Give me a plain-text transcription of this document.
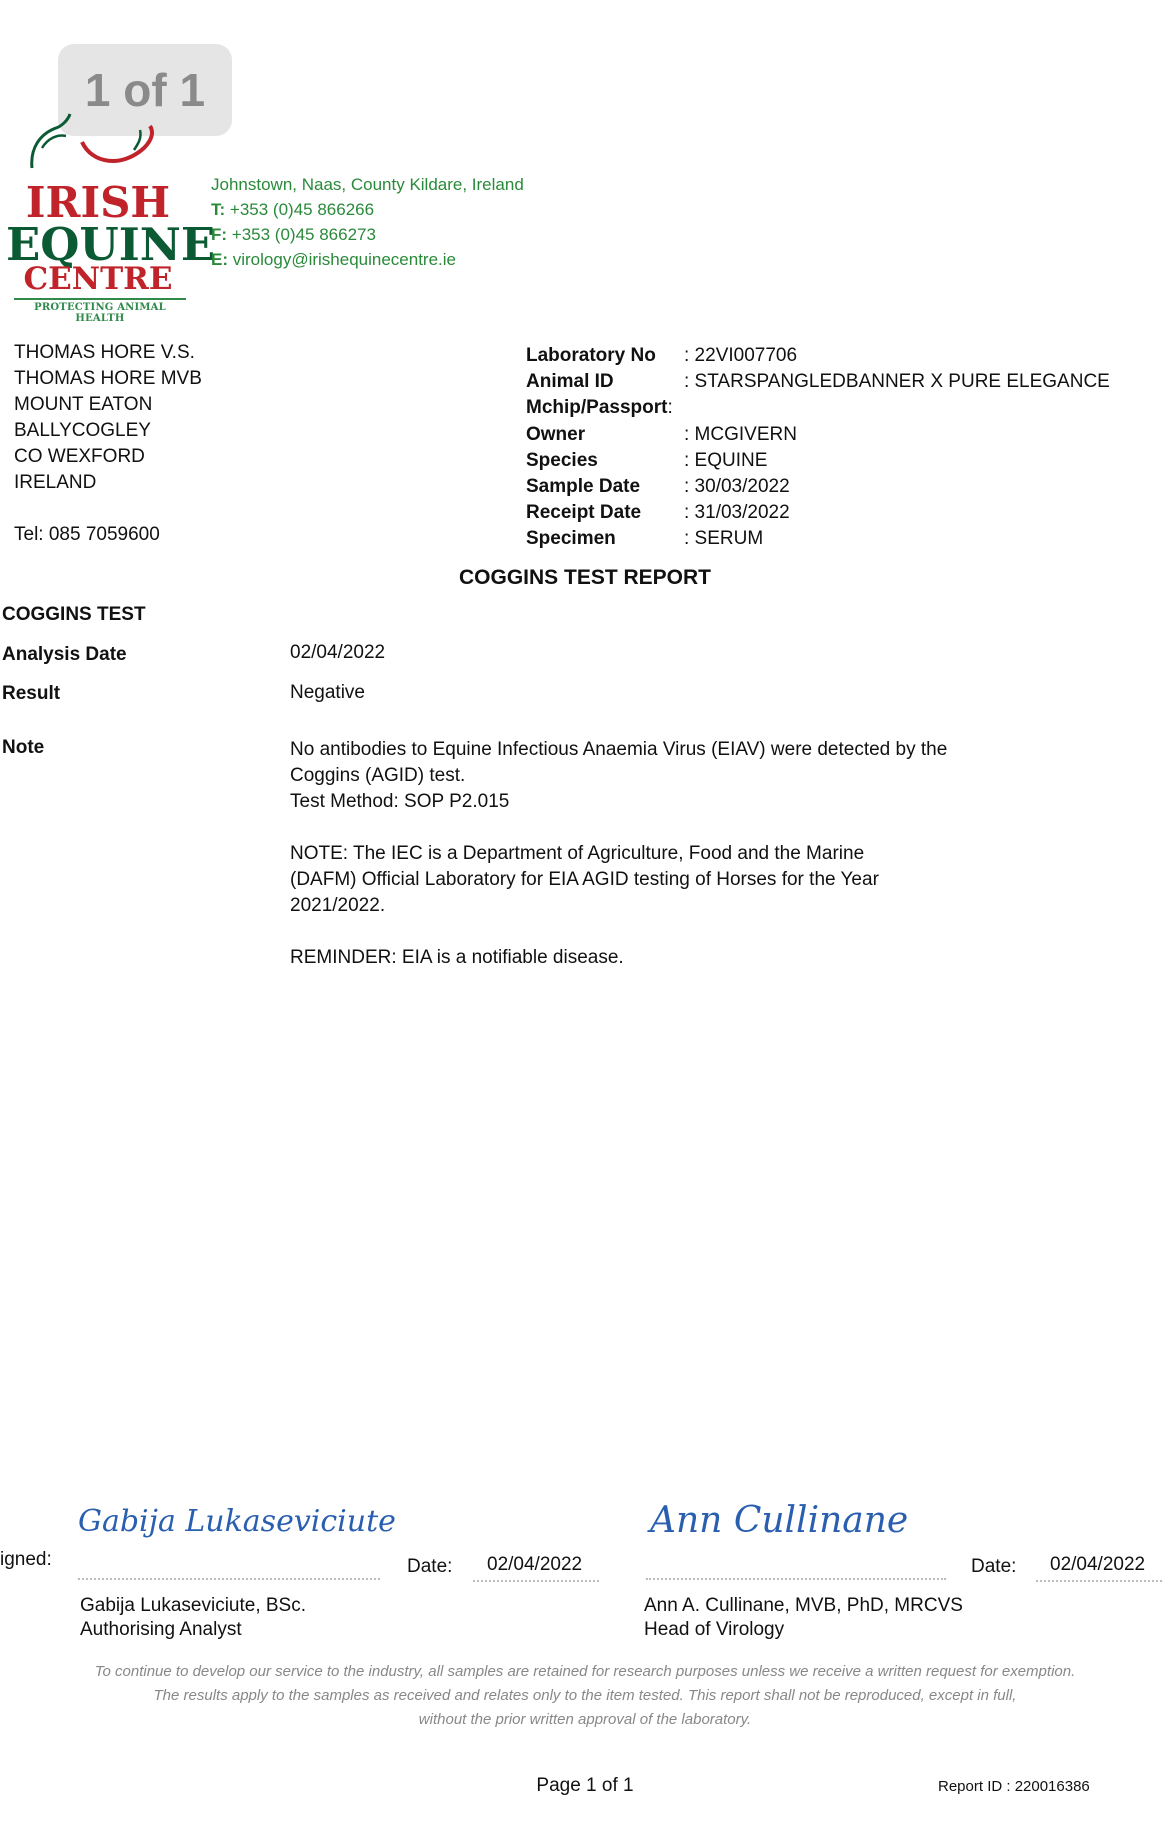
1 of 1
IRISH
EQUINE
CENTRE
PROTECTING ANIMAL HEALTH
Johnstown, Naas, County Kildare, Ireland
T: +353 (0)45 866266
F: +353 (0)45 866273
E: virology@irishequinecentre.ie
THOMAS HORE V.S.
THOMAS HORE MVB
MOUNT EATON
BALLYCOGLEY
CO WEXFORD
IRELAND
Tel: 085 7059600
Laboratory No	: 22VI007706
Animal ID	: STARSPANGLEDBANNER X PURE ELEGANCE
Mchip/Passport :
Owner	: MCGIVERN
Species	: EQUINE
Sample Date	: 30/03/2022
Receipt Date	: 31/03/2022
Specimen	: SERUM
COGGINS TEST REPORT
COGGINS TEST
Analysis Date	02/04/2022
Result	Negative
Note	No antibodies to Equine Infectious Anaemia Virus (EIAV) were detected by the Coggins (AGID) test.

Test Method: SOP P2.015

NOTE: The IEC is a Department of Agriculture, Food and the Marine (DAFM) Official Laboratory for EIA AGID testing of Horses for the Year 2021/2022.

REMINDER: EIA is a notifiable disease.

igned:
Gabija Lukaseviciute
Date: 02/04/2022
Gabija Lukaseviciute, BSc.
Authorising Analyst
Ann Cullinane
Date: 02/04/2022
Ann A. Cullinane, MVB, PhD, MRCVS
Head of Virology
To continue to develop our service to the industry, all samples are retained for research purposes unless we receive a written request for exemption.
The results apply to the samples as received and relates only to the item tested. This report shall not be reproduced, except in full, without the prior written approval of the laboratory.
Page 1 of 1	Report ID : 220016386
